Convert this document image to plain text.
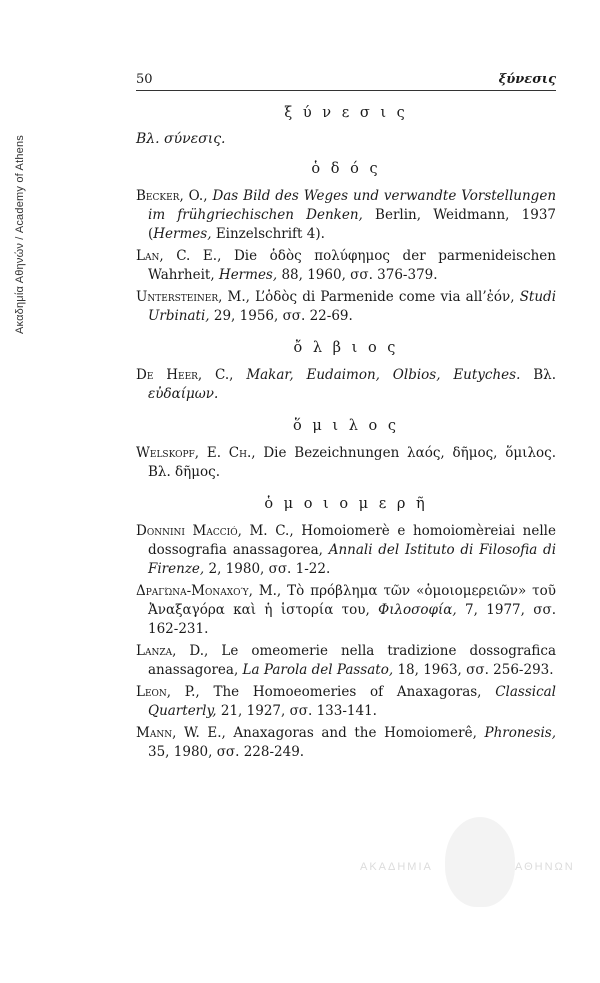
Ακαδημία Αθηνών / Academy of Athens
50	ξύνεσις
ξ ύ ν ε σ ι ς

Βλ. σύνεσις.

ὁ δ ό ς

Becker, O., Das Bild des Weges und verwandte Vorstellungen im frühgriechischen Denken, Berlin, Weidmann, 1937 (Hermes, Einzelschrift 4).

Lan, C. E., Die ὁδὸς πολύφημος der parmenideischen Wahrheit, Hermes, 88, 1960, σσ. 376-379.

Untersteiner, M., L’ὁδὸς di Parmenide come via all’ἐόν, Studi Urbinati, 29, 1956, σσ. 22-69.

ὄ λ β ι ο ς

De Heer, C., Makar, Eudaimon, Olbios, Eutyches. Βλ. εὐδαίμων.

ὅ μ ι λ ο ς

Welskopf, E. Ch., Die Bezeichnungen λαός, δῆμος, ὅμιλος. Βλ. δῆμος.

ὁ μ ο ι ο μ ε ρ ῆ

Donnini Macció, M. C., Homoiomerè e homoiomèreiai nelle dossografia anassagorea, Annali del Istituto di Filosofia di Firenze, 2, 1980, σσ. 1-22.

Δραγώνα-Μοναχού, Μ., Τὸ πρόβλημα τῶν «ὁμοιομερειῶν» τοῦ Ἀναξαγόρα καὶ ἡ ἱστορία του, Φιλοσοφία, 7, 1977, σσ. 162-231.

Lanza, D., Le omeomerie nella tradizione dossografica anassagorea, La Parola del Passato, 18, 1963, σσ. 256-293.

Leon, P., The Homoeomeries of Anaxagoras, Classical Quarterly, 21, 1927, σσ. 133-141.

Mann, W. E., Anaxagoras and the Homoiomerê, Phronesis, 35, 1980, σσ. 228-249.

ΑΚΑΔΗΜΙΑ	ΑΘΗΝΩΝ
